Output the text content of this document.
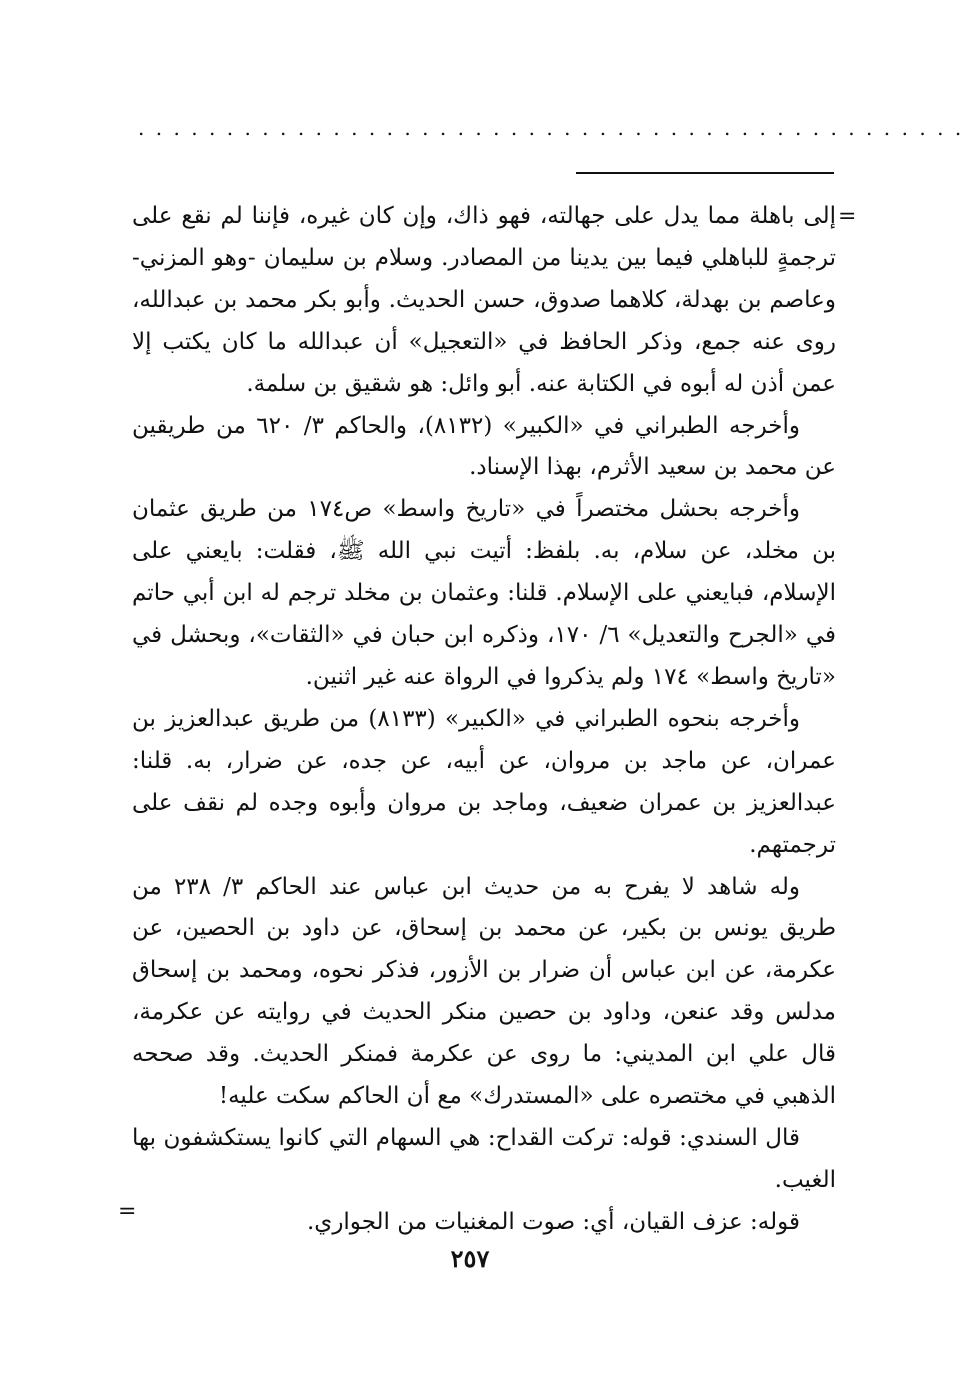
...............................................
=

إلى باهلة مما يدل على جهالته، فهو ذاك، وإن كان غيره، فإننا لم نقع على ترجمةٍ للباهلي فيما بين يدينا من المصادر. وسلام بن سليمان -وهو المزني- وعاصم بن بهدلة، كلاهما صدوق، حسن الحديث. وأبو بكر محمد بن عبدالله، روى عنه جمع، وذكر الحافظ في «التعجيل» أن عبدالله ما كان يكتب إلا عمن أذن له أبوه في الكتابة عنه. أبو وائل: هو شقيق بن سلمة.

وأخرجه الطبراني في «الكبير» (٨١٣٢)، والحاكم ٣/ ٦٢٠ من طريقين عن محمد بن سعيد الأثرم، بهذا الإسناد.

وأخرجه بحشل مختصراً في «تاريخ واسط» ص١٧٤ من طريق عثمان بن مخلد، عن سلام، به. بلفظ: أتيت نبي الله ﷺ، فقلت: بايعني على الإسلام، فبايعني على الإسلام. قلنا: وعثمان بن مخلد ترجم له ابن أبي حاتم في «الجرح والتعديل» ٦/ ١٧٠، وذكره ابن حبان في «الثقات»، وبحشل في «تاريخ واسط» ١٧٤ ولم يذكروا في الرواة عنه غير اثنين.

وأخرجه بنحوه الطبراني في «الكبير» (٨١٣٣) من طريق عبدالعزيز بن عمران، عن ماجد بن مروان، عن أبيه، عن جده، عن ضرار، به. قلنا: عبدالعزيز بن عمران ضعيف، وماجد بن مروان وأبوه وجده لم نقف على ترجمتهم.

وله شاهد لا يفرح به من حديث ابن عباس عند الحاكم ٣/ ٢٣٨ من طريق يونس بن بكير، عن محمد بن إسحاق، عن داود بن الحصين، عن عكرمة، عن ابن عباس أن ضرار بن الأزور، فذكر نحوه، ومحمد بن إسحاق مدلس وقد عنعن، وداود بن حصين منكر الحديث في روايته عن عكرمة، قال علي ابن المديني: ما روى عن عكرمة فمنكر الحديث. وقد صححه الذهبي في مختصره على «المستدرك» مع أن الحاكم سكت عليه!

قال السندي: قوله: تركت القداح: هي السهام التي كانوا يستكشفون بها الغيب.

قوله: عزف القيان، أي: صوت المغنيات من الجواري.

=
٢٥٧
